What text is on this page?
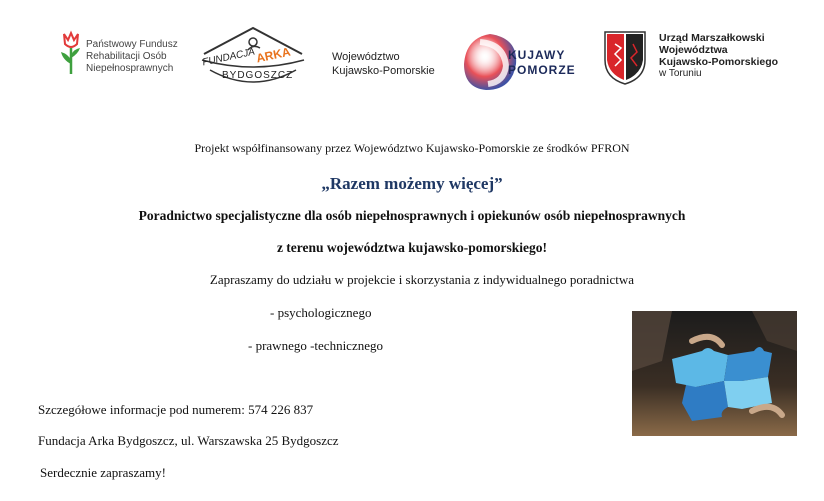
Państwowy Fundusz
Rehabilitacji Osób
Niepełnosprawnych
FUNDACJA ARKA
BYDGOSZCZ
Województwo
Kujawsko-Pomorskie
KUJAWY
POMORZE
Urząd Marszałkowski
Województwa
Kujawsko-Pomorskiego
w Toruniu
Projekt współfinansowany przez Województwo Kujawsko-Pomorskie ze środków PFRON
„Razem możemy więcej”
Poradnictwo specjalistyczne dla osób niepełnosprawnych i opiekunów osób niepełnosprawnych
z terenu województwa kujawsko-pomorskiego!
Zapraszamy do udziału w projekcie i skorzystania z indywidualnego poradnictwa
- psychologicznego
- prawnego -technicznego
Szczegółowe informacje pod numerem: 574 226 837
Fundacja Arka Bydgoszcz, ul. Warszawska 25 Bydgoszcz
Serdecznie zapraszamy!
